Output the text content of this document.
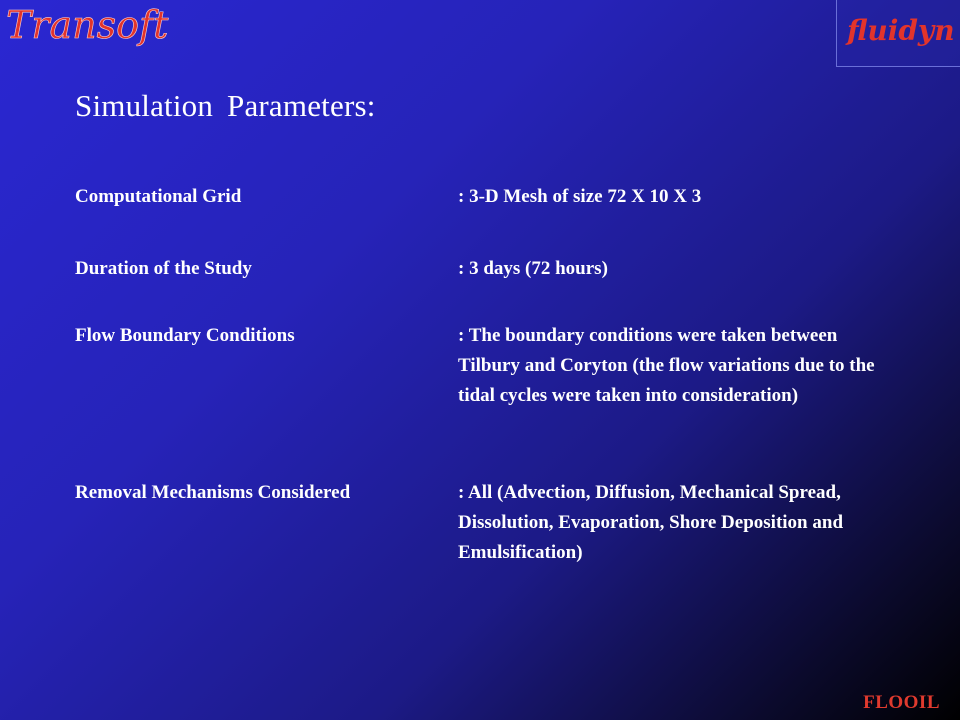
Transoft	fluidyn
Simulation Parameters:
Computational Grid	: 3-D Mesh of size 72 X 10 X 3
Duration of the Study	: 3 days (72 hours)
Flow Boundary Conditions	: The boundary conditions were taken between Tilbury and Coryton (the flow variations due to the tidal cycles were taken into consideration)
Removal Mechanisms Considered	: All (Advection, Diffusion, Mechanical Spread, Dissolution, Evaporation, Shore Deposition and Emulsification)
FLOOIL
